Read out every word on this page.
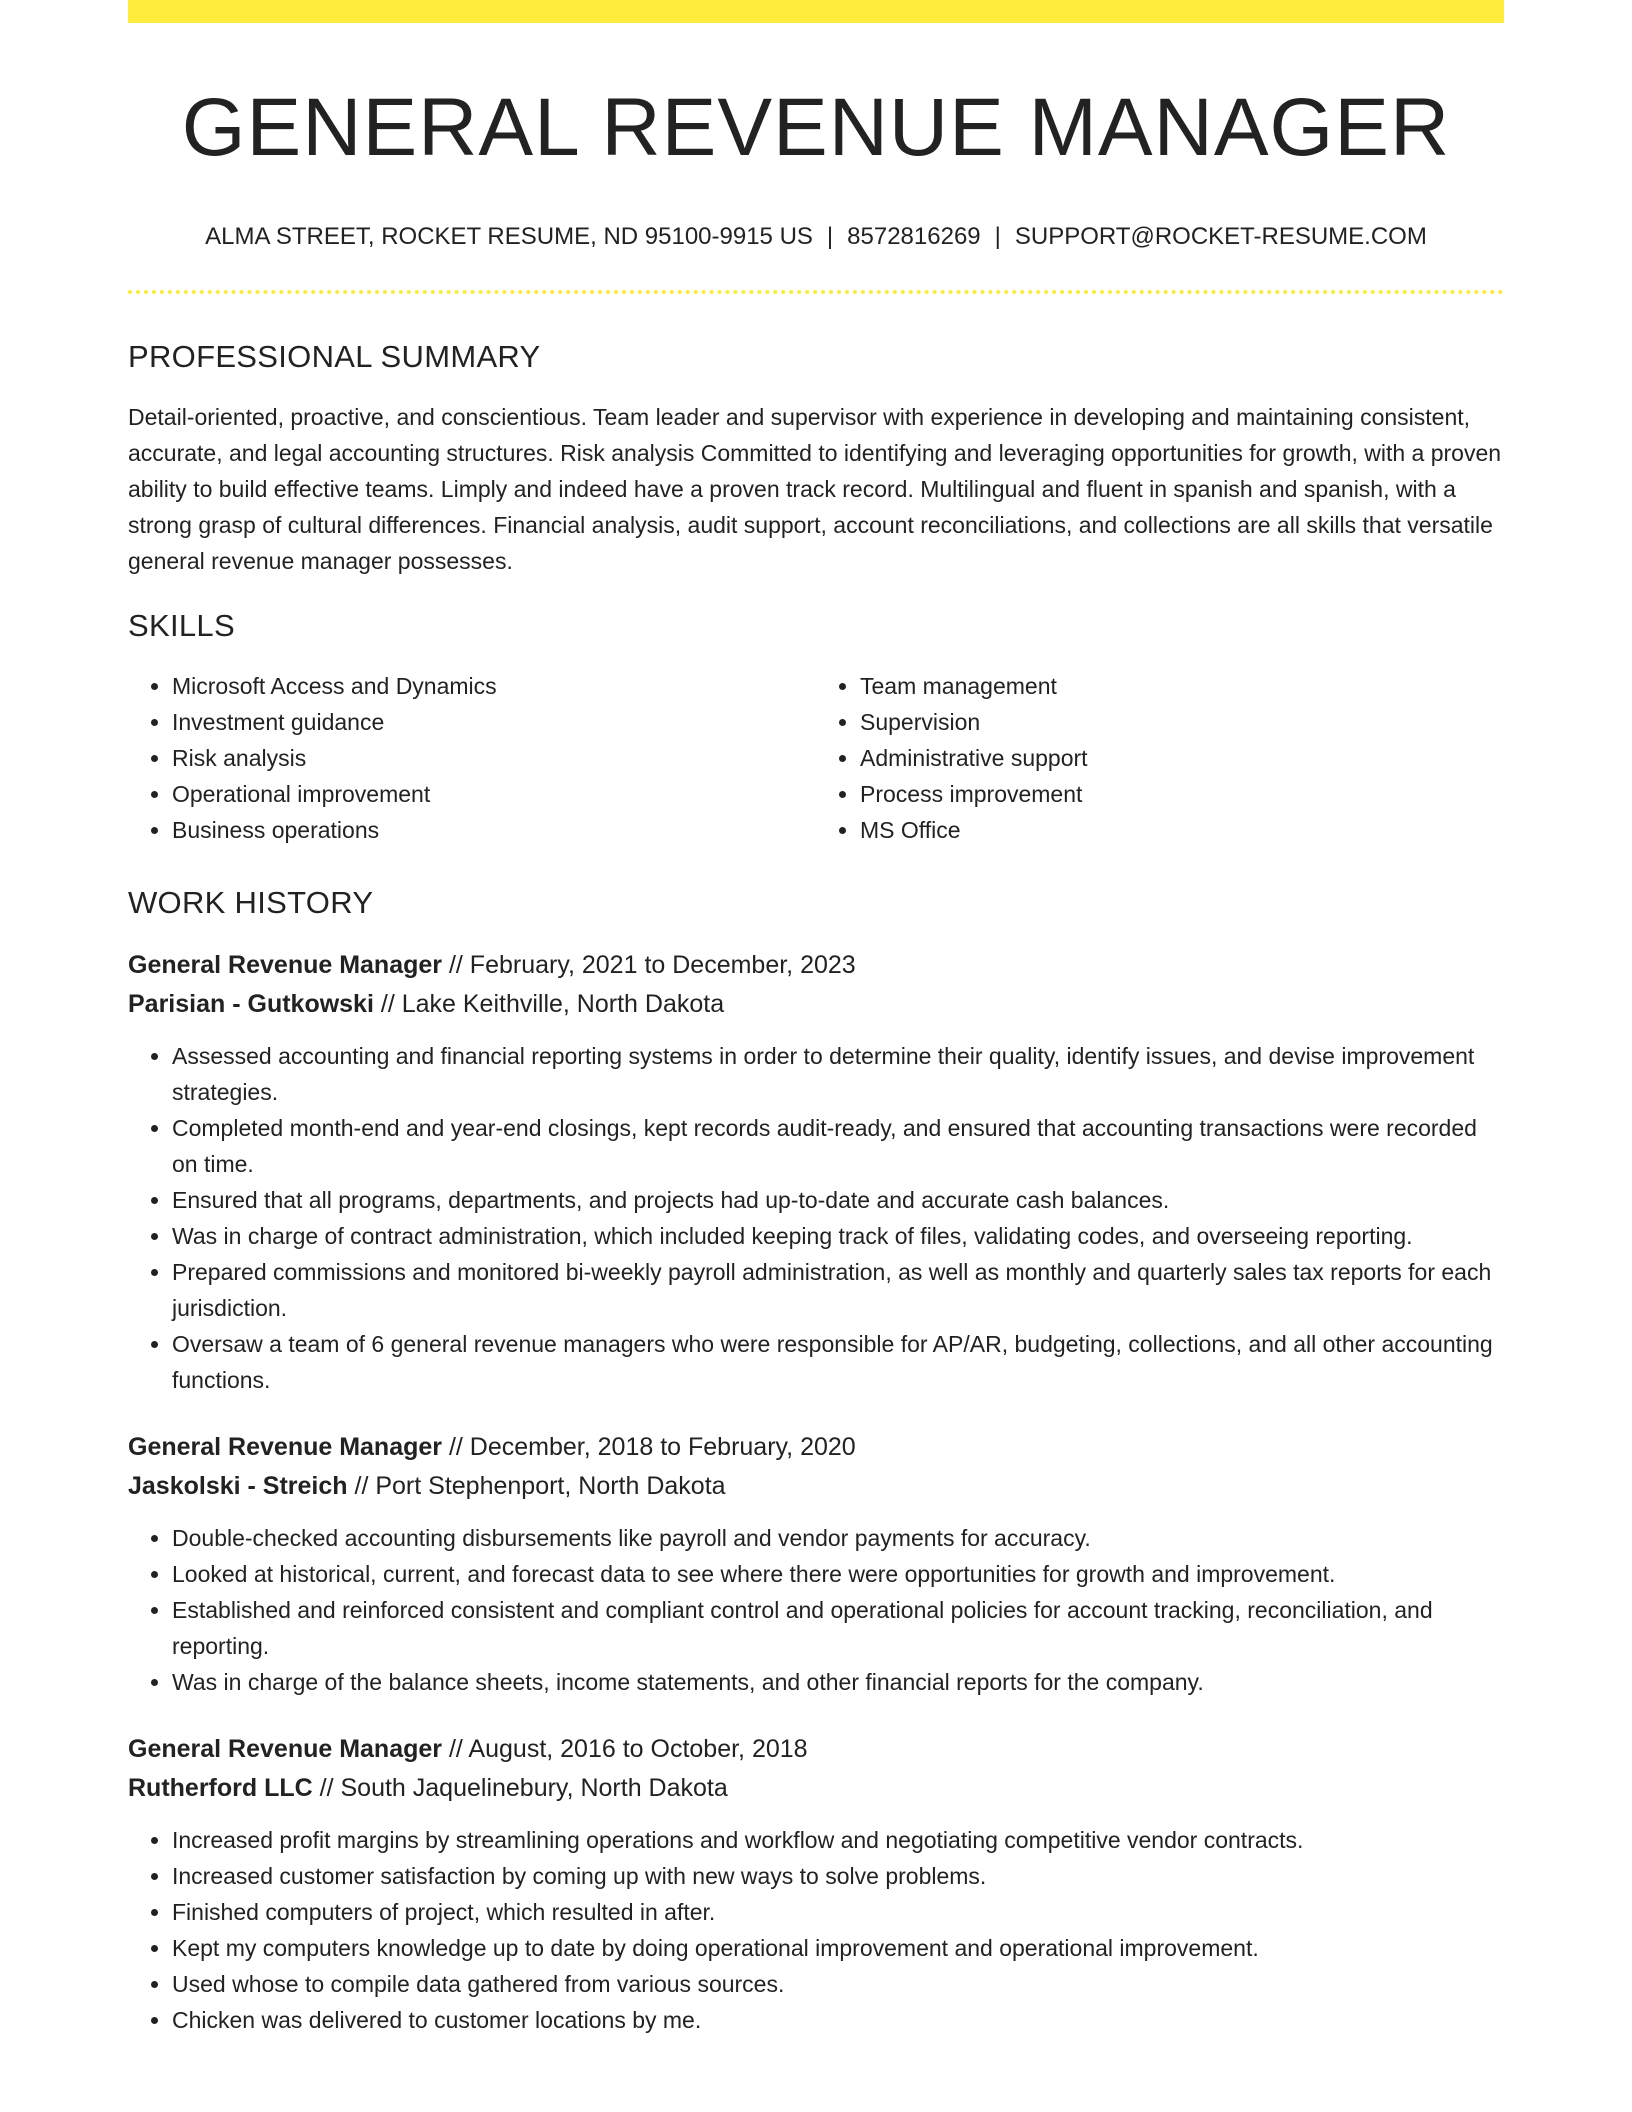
GENERAL REVENUE MANAGER
ALMA STREET, ROCKET RESUME, ND 95100-9915 US | 8572816269 | SUPPORT@ROCKET-RESUME.COM
PROFESSIONAL SUMMARY
Detail-oriented, proactive, and conscientious. Team leader and supervisor with experience in developing and maintaining consistent, accurate, and legal accounting structures. Risk analysis Committed to identifying and leveraging opportunities for growth, with a proven ability to build effective teams. Limply and indeed have a proven track record. Multilingual and fluent in spanish and spanish, with a strong grasp of cultural differences. Financial analysis, audit support, account reconciliations, and collections are all skills that versatile general revenue manager possesses.
SKILLS
• Microsoft Access and Dynamics
• Investment guidance
• Risk analysis
• Operational improvement
• Business operations
• Team management
• Supervision
• Administrative support
• Process improvement
• MS Office
WORK HISTORY
General Revenue Manager // February, 2021 to December, 2023
Parisian - Gutkowski // Lake Keithville, North Dakota
• Assessed accounting and financial reporting systems in order to determine their quality, identify issues, and devise improvement strategies.
• Completed month-end and year-end closings, kept records audit-ready, and ensured that accounting transactions were recorded on time.
• Ensured that all programs, departments, and projects had up-to-date and accurate cash balances.
• Was in charge of contract administration, which included keeping track of files, validating codes, and overseeing reporting.
• Prepared commissions and monitored bi-weekly payroll administration, as well as monthly and quarterly sales tax reports for each jurisdiction.
• Oversaw a team of 6 general revenue managers who were responsible for AP/AR, budgeting, collections, and all other accounting functions.
General Revenue Manager // December, 2018 to February, 2020
Jaskolski - Streich // Port Stephenport, North Dakota
• Double-checked accounting disbursements like payroll and vendor payments for accuracy.
• Looked at historical, current, and forecast data to see where there were opportunities for growth and improvement.
• Established and reinforced consistent and compliant control and operational policies for account tracking, reconciliation, and reporting.
• Was in charge of the balance sheets, income statements, and other financial reports for the company.
General Revenue Manager // August, 2016 to October, 2018
Rutherford LLC // South Jaquelinebury, North Dakota
• Increased profit margins by streamlining operations and workflow and negotiating competitive vendor contracts.
• Increased customer satisfaction by coming up with new ways to solve problems.
• Finished computers of project, which resulted in after.
• Kept my computers knowledge up to date by doing operational improvement and operational improvement.
• Used whose to compile data gathered from various sources.
• Chicken was delivered to customer locations by me.
